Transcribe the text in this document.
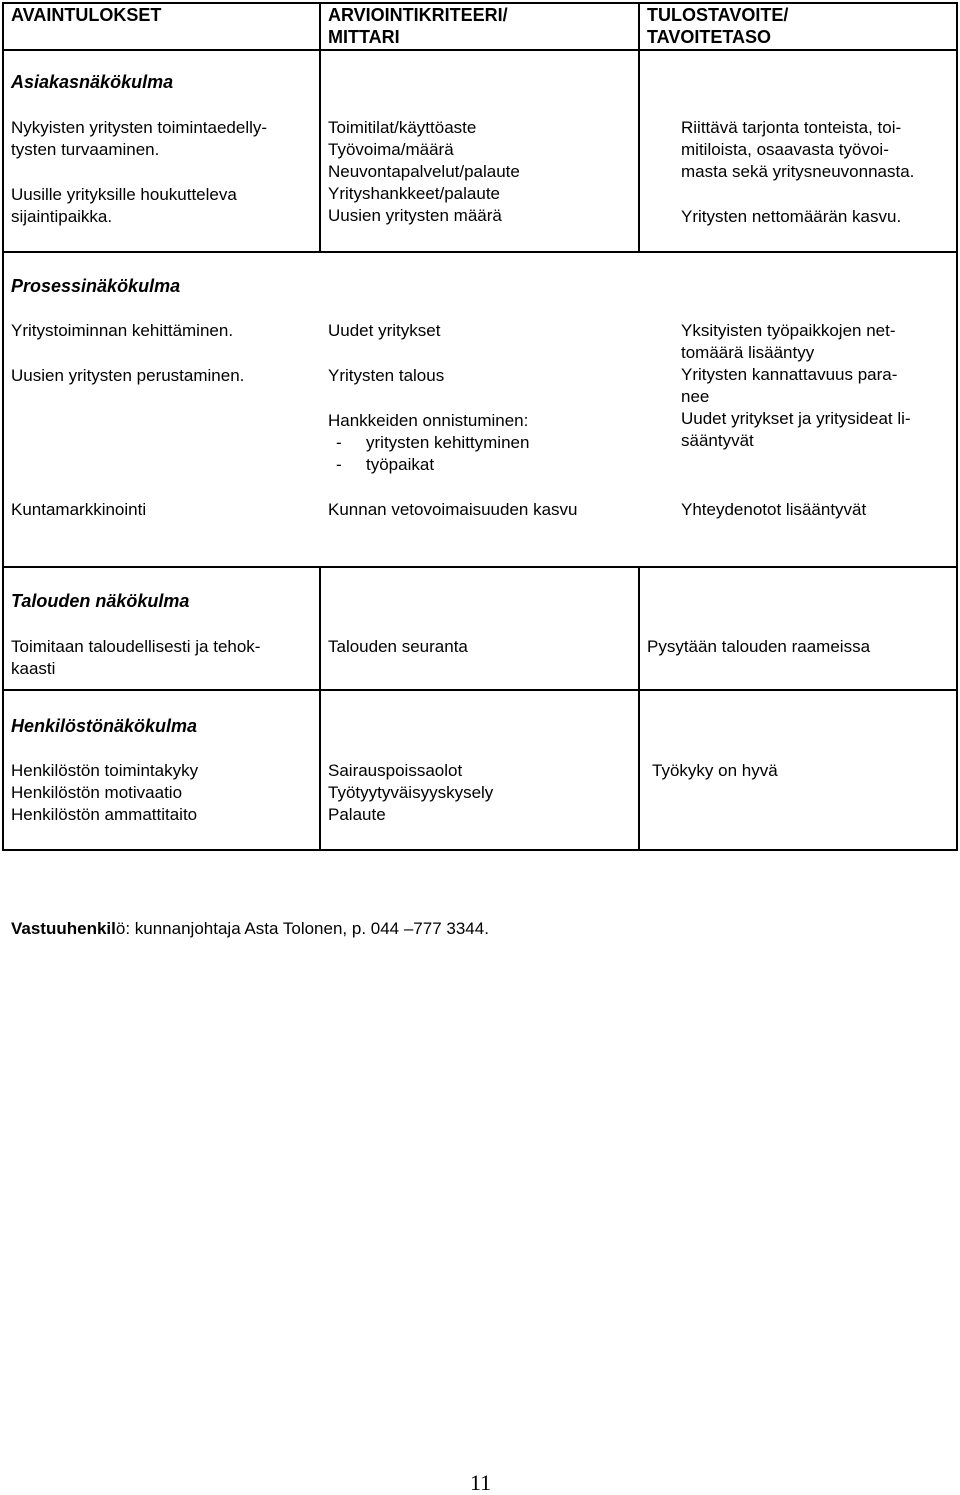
AVAINTULOKSET	ARVIOINTIKRITEERI/
MITTARI
TULOSTAVOITE/
TAVOITETASO
Asiakasnäkökulma
Nykyisten yritysten toimintaedelly-
tysten turvaaminen.
Uusille yrityksille houkutteleva
sijaintipaikka.
Toimitilat/käyttöaste
Työvoima/määrä
Neuvontapalvelut/palaute
Yrityshankkeet/palaute
Uusien yritysten määrä
Riittävä tarjonta tonteista, toi-
mitiloista, osaavasta työvoi-
masta sekä yritysneuvonnasta.
Yritysten nettomäärän kasvu.
Prosessinäkökulma
Yritystoiminnan kehittäminen.
Uusien yritysten perustaminen.
Kuntamarkkinointi
Uudet yritykset
Yritysten talous
Hankkeiden onnistuminen:
- yritysten kehittyminen
- työpaikat
Kunnan vetovoimaisuuden kasvu
Yksityisten työpaikkojen net-
tomäärä lisääntyy
Yritysten kannattavuus para-
nee
Uudet yritykset ja yritysideat li-
sääntyvät
Yhteydenotot lisääntyvät
Talouden näkökulma
Toimitaan taloudellisesti ja tehok-
kaasti
Talouden seuranta	Pysytään talouden raameissa
Henkilöstönäkökulma
Henkilöstön toimintakyky
Henkilöstön motivaatio
Henkilöstön ammattitaito
Sairauspoissaolot
Työtyytyväisyyskysely
Palaute
Työkyky on hyvä
Vastuuhenkilö: kunnanjohtaja Asta Tolonen, p. 044 –777 3344.
11
